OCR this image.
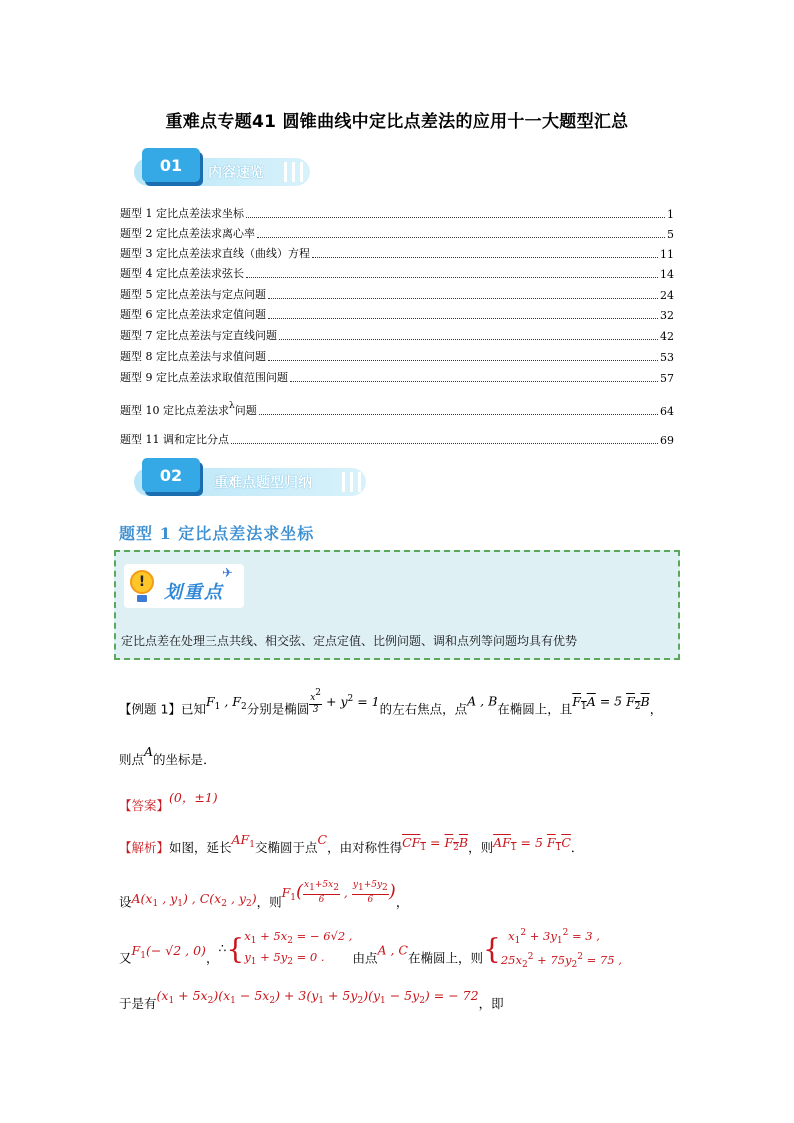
重难点专题41 圆锥曲线中定比点差法的应用十一大题型汇总
01	内容速览
题型 1 定比点差法求坐标	1
题型 2 定比点差法求离心率	5
题型 3 定比点差法求直线（曲线）方程	11
题型 4 定比点差法求弦长	14
题型 5 定比点差法与定点问题	24
题型 6 定比点差法求定值问题	32
题型 7 定比点差法与定直线问题	42
题型 8 定比点差法与求值问题	53
题型 9 定比点差法求取值范围问题	57
题型 10 定比点差法求$^\lambda$问题	64
题型 11 调和定比分点	69
02	重难点题型归纳
题型 1 定比点差法求坐标
!	划重点
✈
定比点差在处理三点共线、相交弦、定点定值、比例问题、调和点列等问题均具有优势
【例题 1】已知$F_1$ , $F_2$分别是椭圆 $\frac{x2}{3} + y^2 = 1$的左右焦点，点A , B在椭圆上，且$F_1A = 5$ $F_2B$，
则点A的坐标是．
【答案】(0，±1)
【解析】如图，延长$AF_1$交椭圆于点C，由对称性得$CF_1 = F_2B$，则$AF_1 = 5$ $F_1C$．
设$A(x_1$ , $y_1$) , $C(x_2$ , $y_2$)，则$F_1( \frac{x1+5x2}{6}$ , $\frac{y1+5y2}{6}$ )，
又$F_1(- √2$ , 0)，$\therefore\{x_1 + 5x_2$ = − 6√2 ,
$y_1 + 5y_2 = 0$ . 由点A , C在椭圆上，则{  $x_1^2 + 3y_1^2 = 3$ ,
$25x_2^2 + 75y_2^2 = 75$ ,
于是有$(x_1 + 5x_2)(x_1 - 5x_2) + 3(y_1 + 5y_2)(y_1 - 5y_2)$ = − 72，即
